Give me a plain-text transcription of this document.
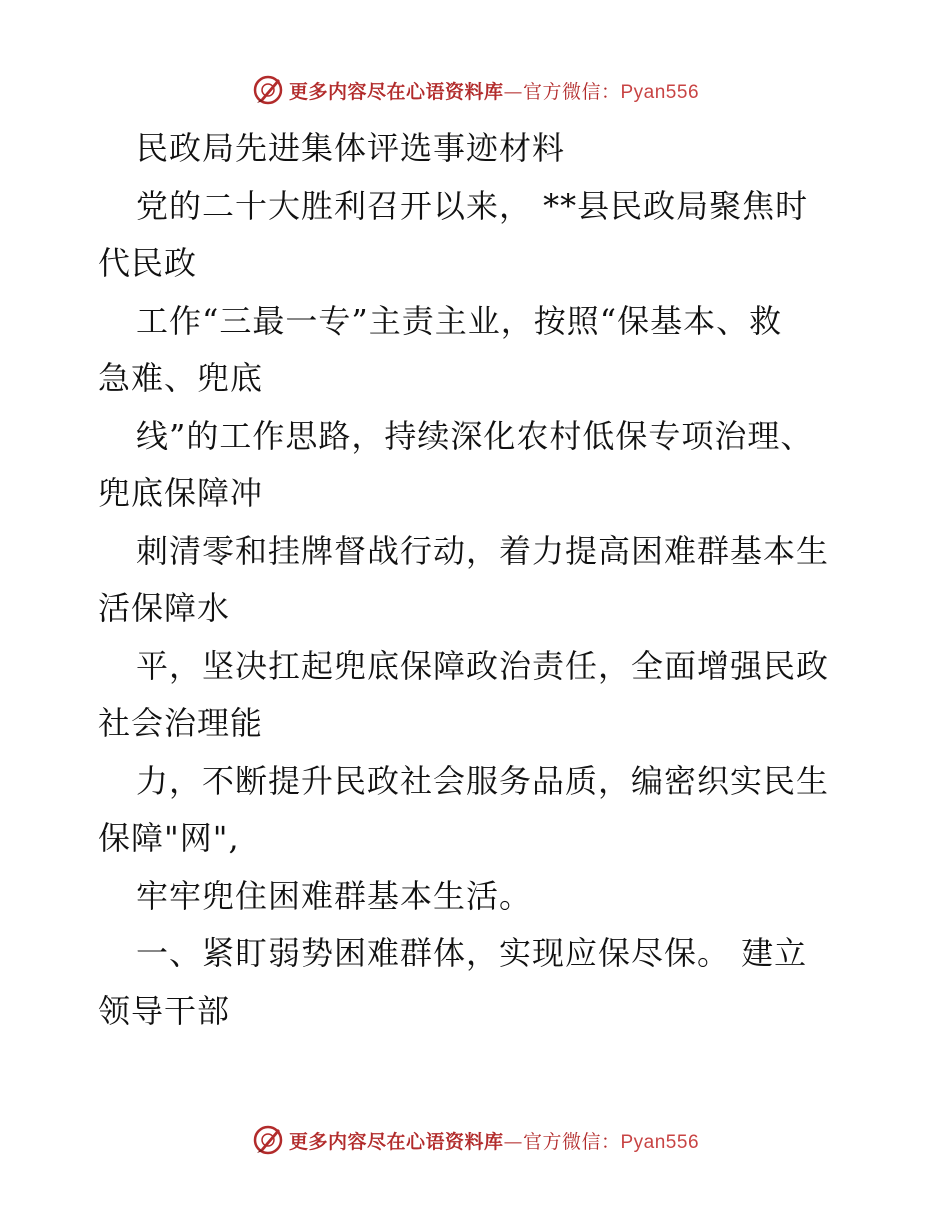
更多内容尽在心语资料库—官方微信：Pyan556
民政局先进集体评选事迹材料
党的二十大胜利召开以来， **县民政局聚焦时
代民政
工作“三最一专”主责主业，按照“保基本、救
急难、兜底
线”的工作思路，持续深化农村低保专项治理、
兜底保障冲
刺清零和挂牌督战行动，着力提高困难群基本生
活保障水
平，坚决扛起兜底保障政治责任，全面增强民政
社会治理能
力，不断提升民政社会服务品质，编密织实民生
保障"网",
牢牢兜住困难群基本生活。
一、紧盯弱势困难群体，实现应保尽保。 建立
领导干部
更多内容尽在心语资料库—官方微信：Pyan556
